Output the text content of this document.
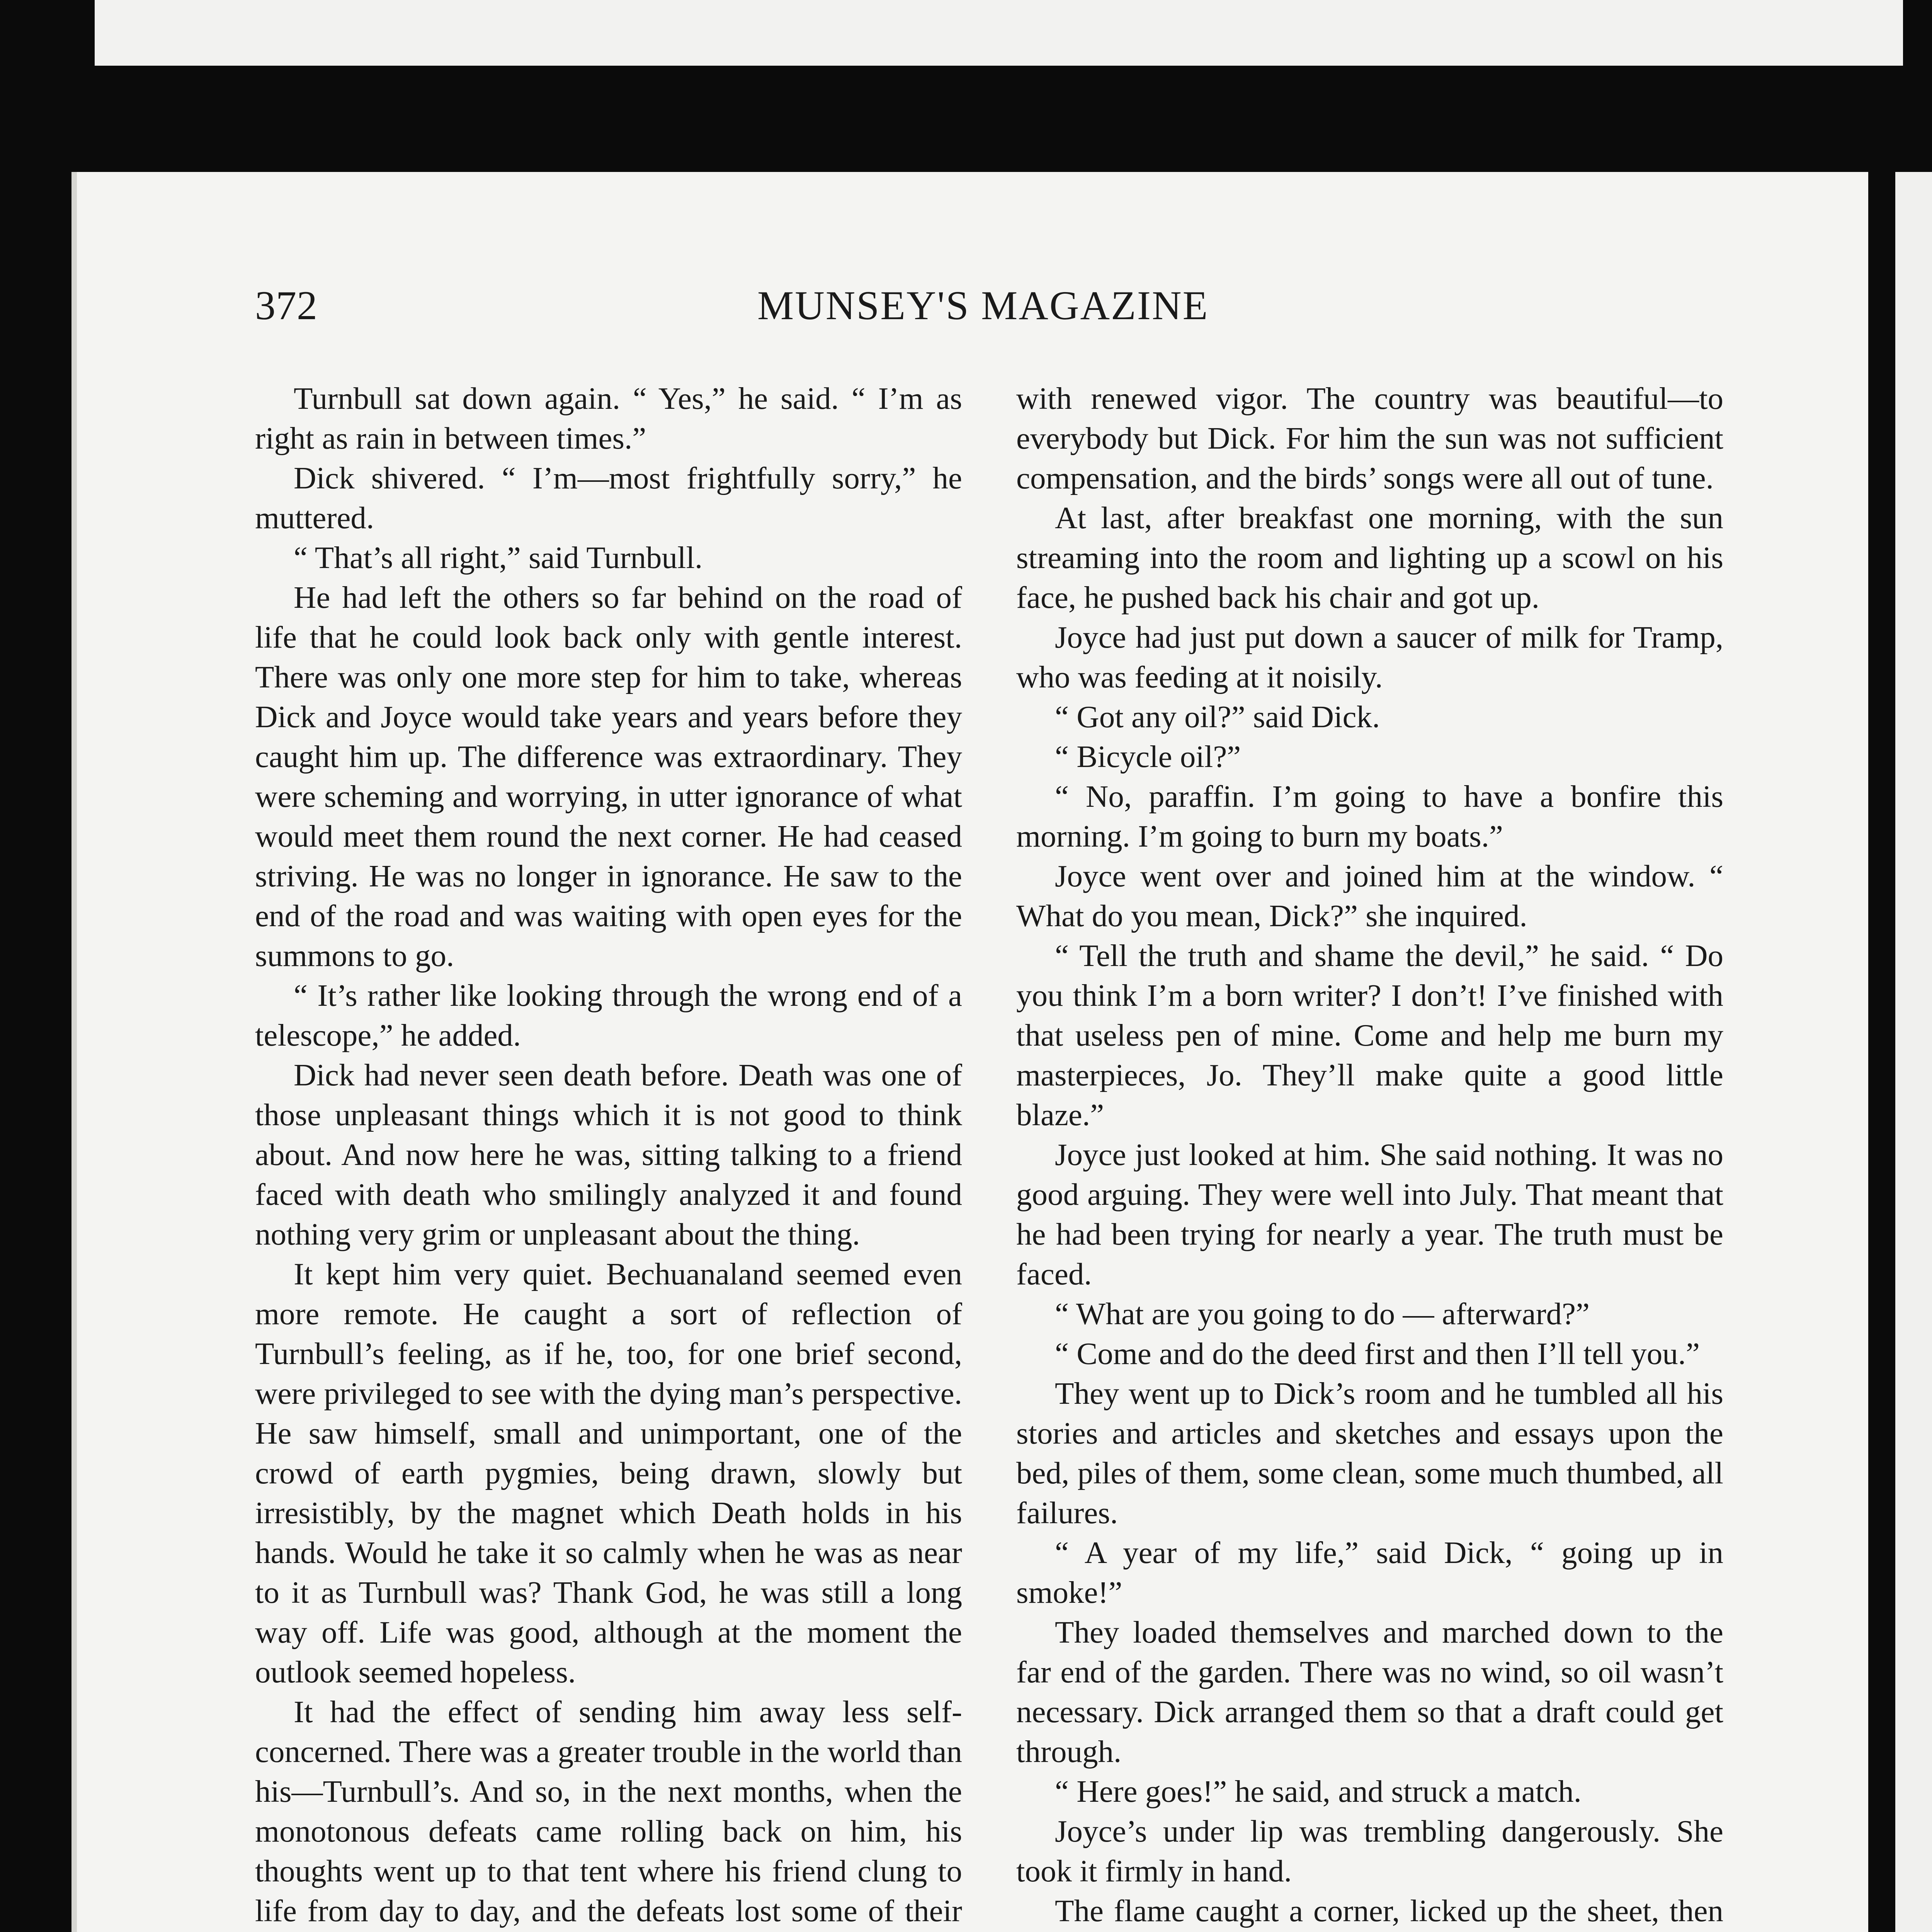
372	MUNSEY'S MAGAZINE

Turnbull sat down again. “ Yes,” he said. “ I’m as right as rain in between times.”

Dick shivered. “ I’m—most frightfully sorry,” he muttered.

“ That’s all right,” said Turnbull.

He had left the others so far behind on the road of life that he could look back only with gentle interest. There was only one more step for him to take, whereas Dick and Joyce would take years and years before they caught him up. The difference was extraordinary. They were scheming and worrying, in utter ignorance of what would meet them round the next corner. He had ceased striving. He was no longer in ignorance. He saw to the end of the road and was waiting with open eyes for the summons to go.

“ It’s rather like looking through the wrong end of a telescope,” he added.

Dick had never seen death before. Death was one of those unpleasant things which it is not good to think about. And now here he was, sitting talking to a friend faced with death who smilingly analyzed it and found nothing very grim or unpleasant about the thing.

It kept him very quiet. Bechuanaland seemed even more remote. He caught a sort of reflection of Turnbull’s feeling, as if he, too, for one brief second, were privileged to see with the dying man’s perspective. He saw himself, small and unimportant, one of the crowd of earth pygmies, being drawn, slowly but irresistibly, by the magnet which Death holds in his hands. Would he take it so calmly when he was as near to it as Turnbull was? Thank God, he was still a long way off. Life was good, although at the moment the outlook seemed hopeless.

It had the effect of sending him away less self-concerned. There was a greater trouble in the world than his—Turnbull’s. And so, in the next months, when the monotonous defeats came rolling back on him, his thoughts went up to that tent where his friend clung to life from day to day, and the defeats lost some of their

with renewed vigor. The country was beautiful—to everybody but Dick. For him the sun was not sufficient compensation, and the birds’ songs were all out of tune.

At last, after breakfast one morning, with the sun streaming into the room and lighting up a scowl on his face, he pushed back his chair and got up.

Joyce had just put down a saucer of milk for Tramp, who was feeding at it noisily.

“ Got any oil?” said Dick.

“ Bicycle oil?”

“ No, paraffin. I’m going to have a bonfire this morning. I’m going to burn my boats.”

Joyce went over and joined him at the window. “ What do you mean, Dick?” she inquired.

“ Tell the truth and shame the devil,” he said. “ Do you think I’m a born writer? I don’t! I’ve finished with that useless pen of mine. Come and help me burn my masterpieces, Jo. They’ll make quite a good little blaze.”

Joyce just looked at him. She said nothing. It was no good arguing. They were well into July. That meant that he had been trying for nearly a year. The truth must be faced.

“ What are you going to do — afterward?”

“ Come and do the deed first and then I’ll tell you.”

They went up to Dick’s room and he tumbled all his stories and articles and sketches and essays upon the bed, piles of them, some clean, some much thumbed, all failures.

“ A year of my life,” said Dick, “ going up in smoke!”

They loaded themselves and marched down to the far end of the garden. There was no wind, so oil wasn’t necessary. Dick arranged them so that a draft could get through.

“ Here goes!” he said, and struck a match.

Joyce’s under lip was trembling dangerously. She took it firmly in hand.

The flame caught a corner, licked up the sheet, then
